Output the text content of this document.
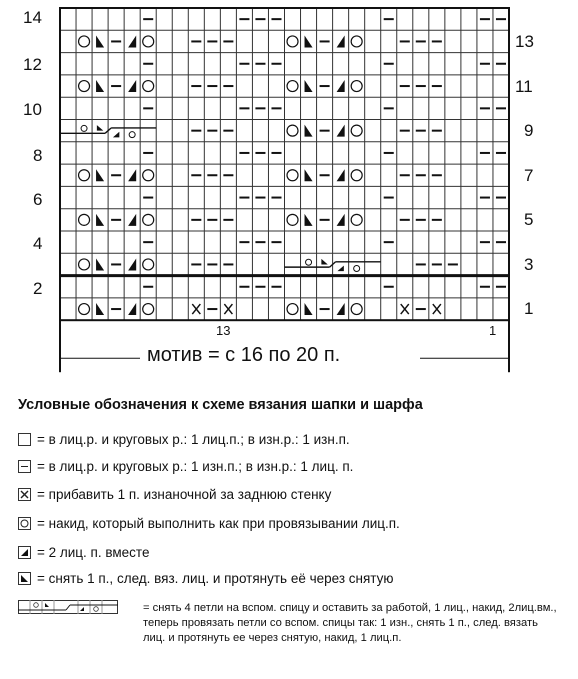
14
12
10
8
6
4
2
13
11
9
7
5
3
1
13	1
мотив = с 16 по 20 п.
Условные обозначения к схеме вязания шапки и шарфа
= в лиц.р. и круговых р.: 1 лиц.п.; в изн.р.: 1 изн.п.
= в лиц.р. и круговых р.: 1 изн.п.; в изн.р.: 1 лиц. п.
= прибавить 1 п. изнаночной за заднюю стенку
= накид, который выполнить как при провязывании лиц.п.
= 2 лиц. п. вместе
= снять 1 п., след. вяз. лиц. и протянуть её через снятую
= снять 4 петли на вспом. спицу и оставить за работой, 1 лиц., накид, 2лиц.вм., теперь провязать петли со вспом. спицы так: 1 изн., снять 1 п., след. вязать лиц. и протянуть ее через снятую, накид, 1 лиц.п.
